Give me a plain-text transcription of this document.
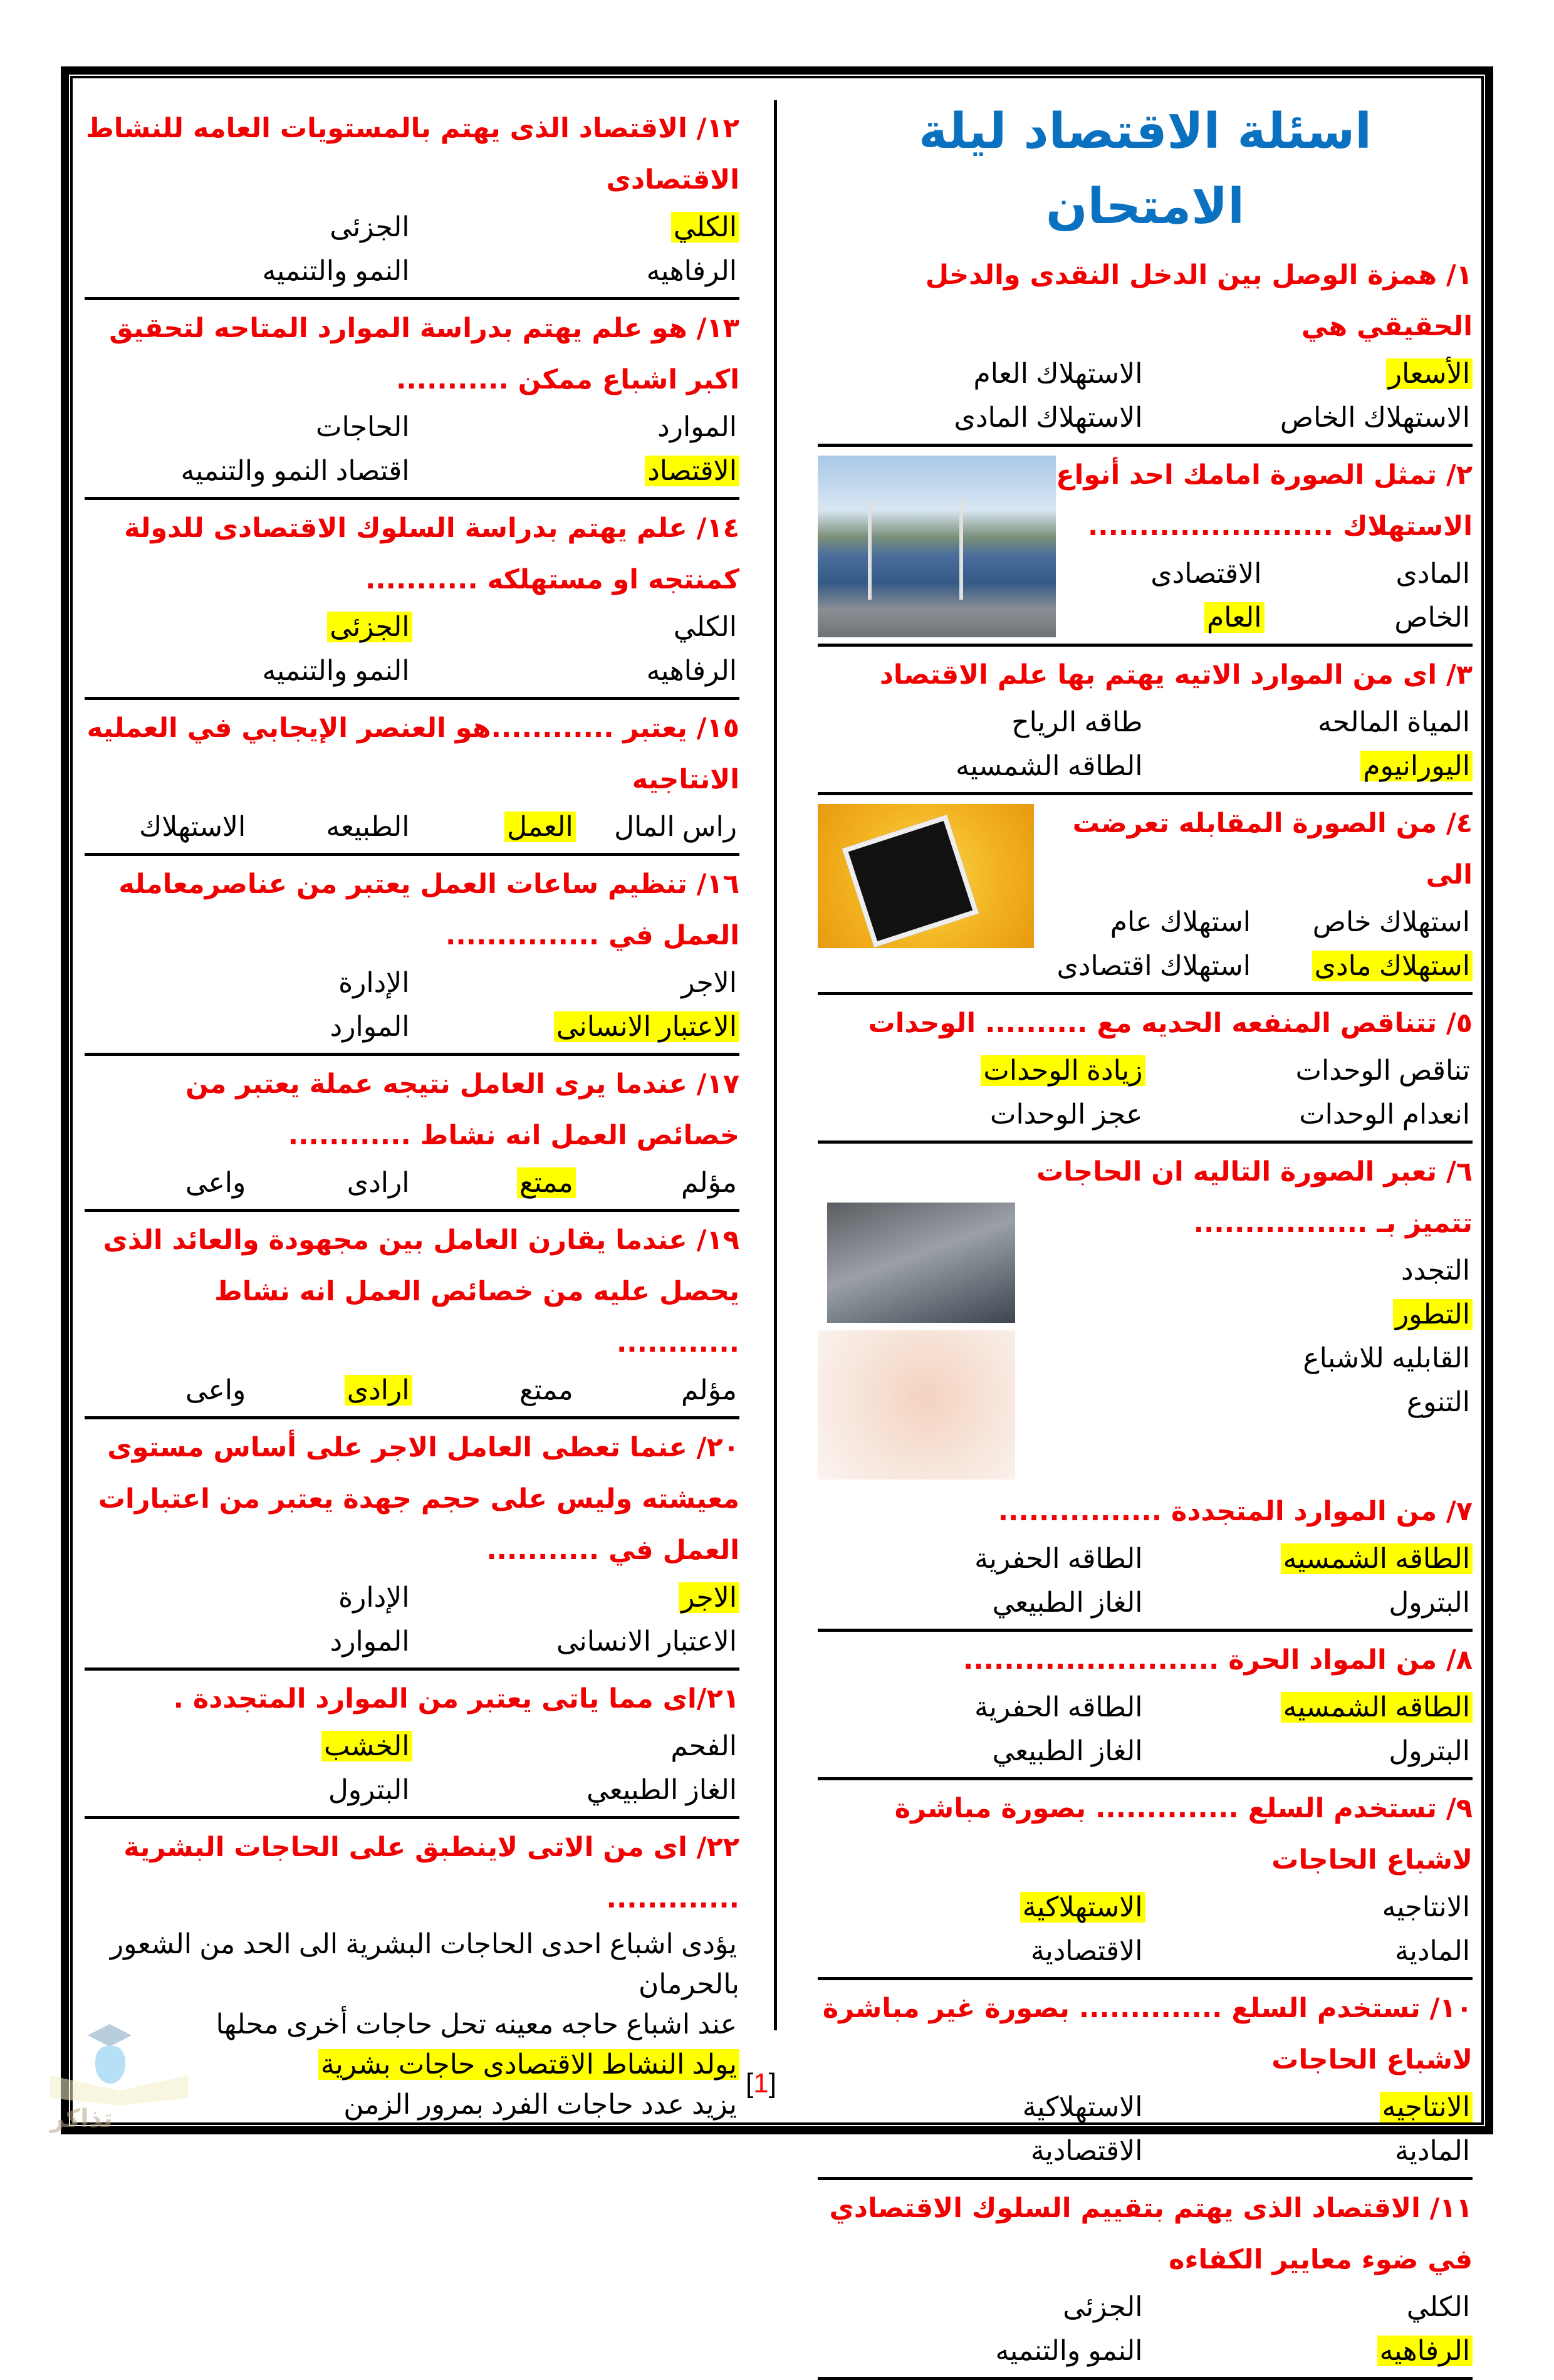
اسئلة الاقتصاد ليلة الامتحان

١/ همزة الوصل بين الدخل النقدى والدخل الحقيقي هي

الأسعار
الاستهلاك العام
الاستهلاك الخاص
الاستهلاك المادى

٢/ تمثل الصورة امامك احد أنواع الاستهلاك ........................

المادى
الاقتصادى
الخاص
العام

٣/ اى من الموارد الاتيه يهتم بها علم الاقتصاد

المياة المالحه
طاقه الرياح
اليورانيوم
الطاقه الشمسيه

٤/ من الصورة المقابله تعرضت الى

استهلاك خاص
استهلاك عام
استهلاك مادى
استهلاك اقتصادى

٥/ تتناقص المنفعه الحديه مع .......... الوحدات

تناقص الوحدات
زيادة الوحدات
انعدام الوحدات
عجز الوحدات

٦/ تعبر الصورة التاليه ان الحاجات تتميز بـ .................

التجدد
التطور
القابليه للاشباع
التنوع

٧/ من الموارد المتجددة ................

الطاقه الشمسيه
الطاقه الحفرية
البترول
الغاز الطبيعي

٨/ من المواد الحرة .........................

الطاقه الشمسيه
الطاقه الحفرية
البترول
الغاز الطبيعي

٩/ تستخدم السلع .............. بصورة مباشرة لاشباع الحاجات

الانتاجيه
الاستهلاكية
المادية
الاقتصادية

١٠/ تستخدم السلع .............. بصورة غير مباشرة لاشباع الحاجات

الانتاجيه
الاستهلاكية
المادية
الاقتصادية

١١/ الاقتصاد الذى يهتم بتقييم السلوك الاقتصادي في ضوء معايير الكفاءه

الكلي
الجزئى
الرفاهيه
النمو والتنميه

١٢/ الاقتصاد الذى يهتم بالمستويات العامه للنشاط الاقتصادى

الكلي
الجزئى
الرفاهيه
النمو والتنميه

١٣/ هو علم يهتم بدراسة الموارد المتاحه لتحقيق اكبر اشباع ممكن ...........

الموارد
الحاجات
الاقتصاد
اقتصاد النمو والتنميه

١٤/ علم يهتم بدراسة السلوك الاقتصادى للدولة كمنتجه او مستهلكه ...........

الكلي
الجزئى
الرفاهيه
النمو والتنميه

١٥/ يعتبر ............هو العنصر الإيجابي في العمليه الانتاجيه

راس المال
العمل
الطبيعه
الاستهلاك

١٦/ تنظيم ساعات العمل يعتبر من عناصرمعامله العمل في ...............

الاجر
الإدارة
الاعتبار الانسانى
الموارد

١٧/ عندما يرى العامل نتيجه عملة يعتبر من خصائص العمل انه نشاط ............

مؤلم
ممتع
ارادى
واعى

١٩/ عندما يقارن العامل بين مجهودة والعائد الذى يحصل عليه من خصائص العمل انه نشاط ............

مؤلم
ممتع
ارادى
واعى

٢٠/ عنما تعطى العامل الاجر على أساس مستوى معيشته وليس على حجم جهدة يعتبر من اعتبارات العمل في ...........

الاجر
الإدارة
الاعتبار الانسانى
الموارد

٢١/اى مما ياتى يعتبر من الموارد المتجددة .

الفحم
الخشب
الغاز الطبيعي
البترول

٢٢/ اى من الاتى لاينطبق على الحاجات البشرية .............

يؤدى اشباع احدى الحاجات البشرية الى الحد من الشعور بالحرمان
عند اشباع حاجه معينه تحل حاجات أخرى محلها
يولد النشاط الاقتصادى حاجات بشرية
يزيد عدد حاجات الفرد بمرور الزمن
[1]
تذاكر
